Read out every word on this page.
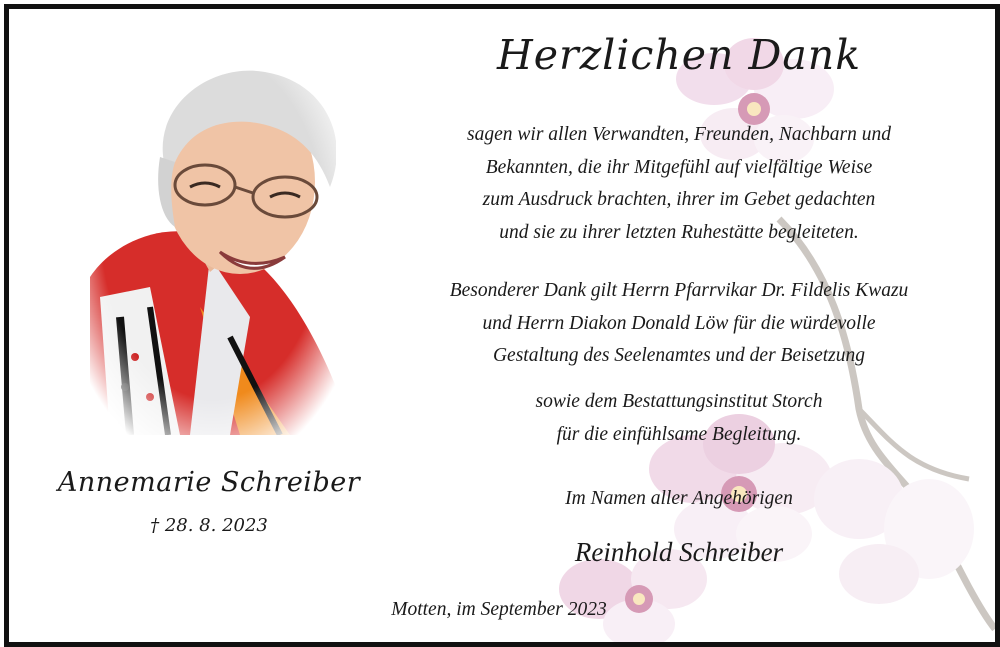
Herzlichen Dank
sagen wir allen Verwandten, Freunden, Nachbarn und
Bekannten, die ihr Mitgefühl auf vielfältige Weise
zum Ausdruck brachten, ihrer im Gebet gedachten
und sie zu ihrer letzten Ruhestätte begleiteten.
Besonderer Dank gilt Herrn Pfarrvikar Dr. Fildelis Kwazu
und Herrn Diakon Donald Löw für die würdevolle
Gestaltung des Seelenamtes und der Beisetzung
sowie dem Bestattungsinstitut Storch
für die einfühlsame Begleitung.
Im Namen aller Angehörigen
Reinhold Schreiber
Annemarie Schreiber
† 28. 8. 2023
Motten, im September 2023
